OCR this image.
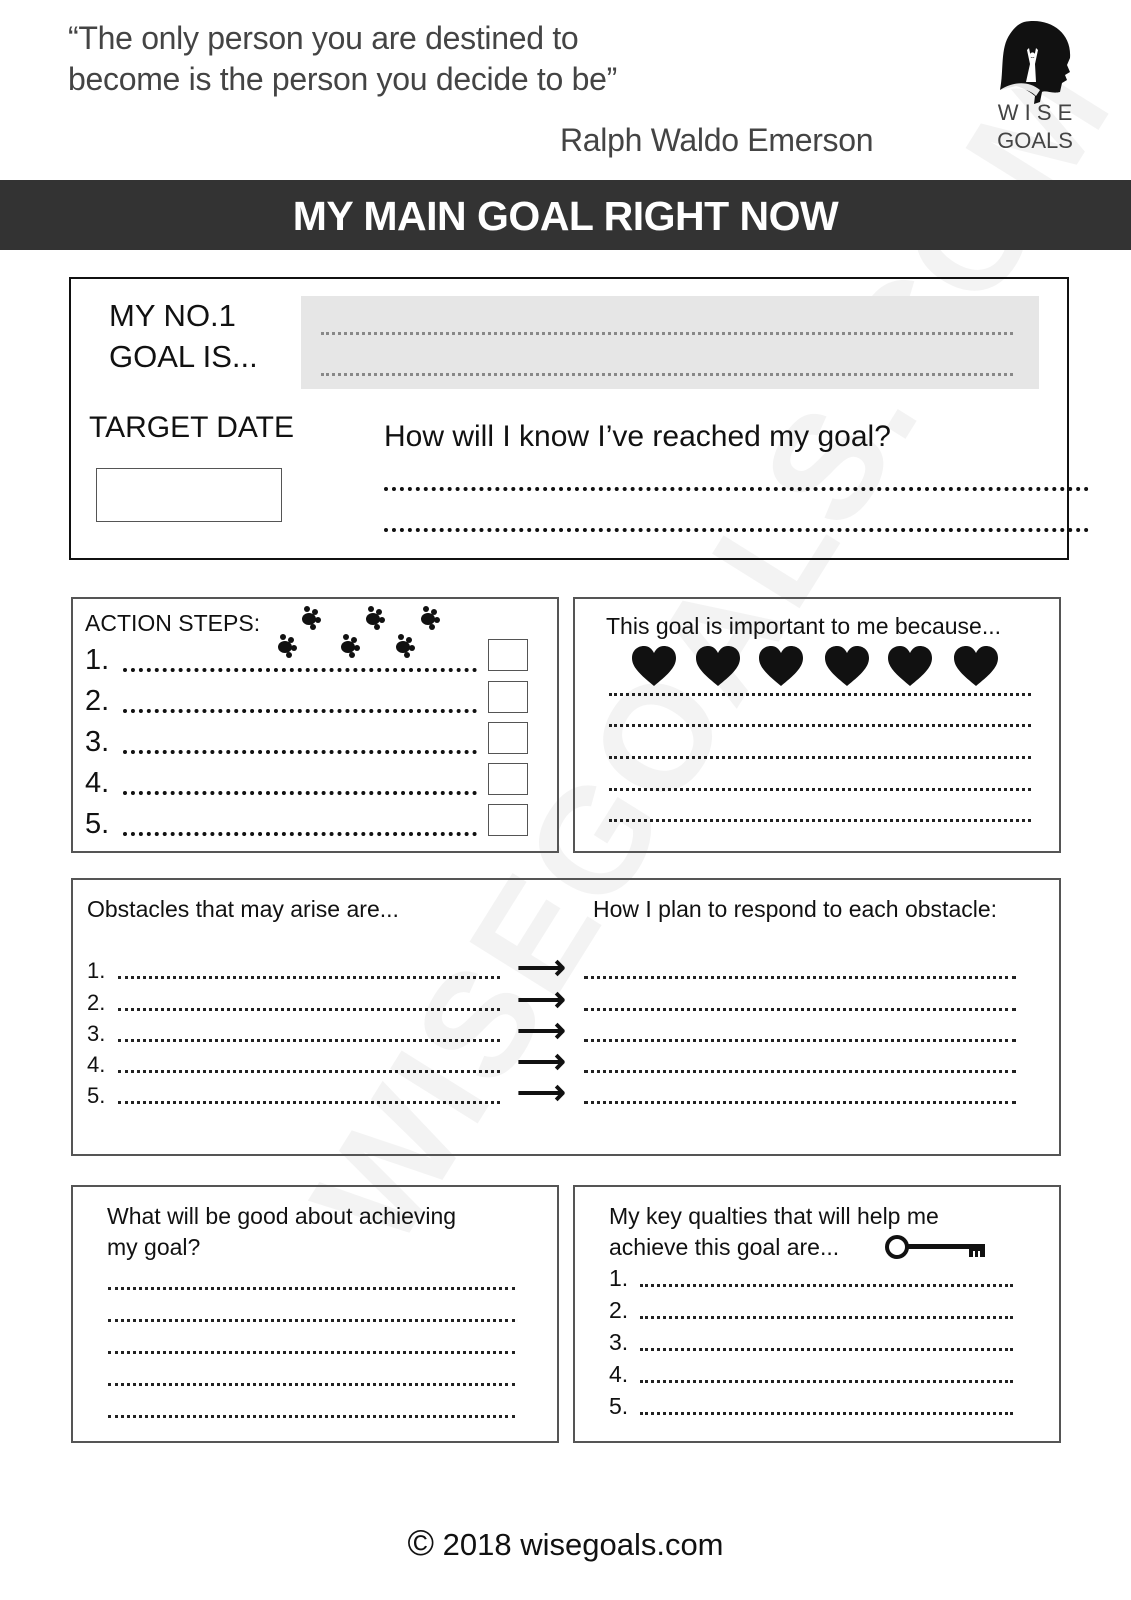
“The only person you are destined to
become is the person you decide to be”
Ralph Waldo Emerson
W I S E
GOALS
MY MAIN GOAL RIGHT NOW
MY NO.1
GOAL IS...
TARGET DATE	How will I know I’ve reached my goal?
ACTION STEPS:
1.
2.
3.
4.
5.
This goal is important to me because...
Obstacles that may arise are...	How I plan to respond to each obstacle:
1.	⟶
2.	⟶
3.	⟶
4.	⟶
5.	⟶
What will be good about achieving
my goal?
My key qualties that will help me
achieve this goal are...
1.
2.
3.
4.
5.
© 2018 wisegoals.com
